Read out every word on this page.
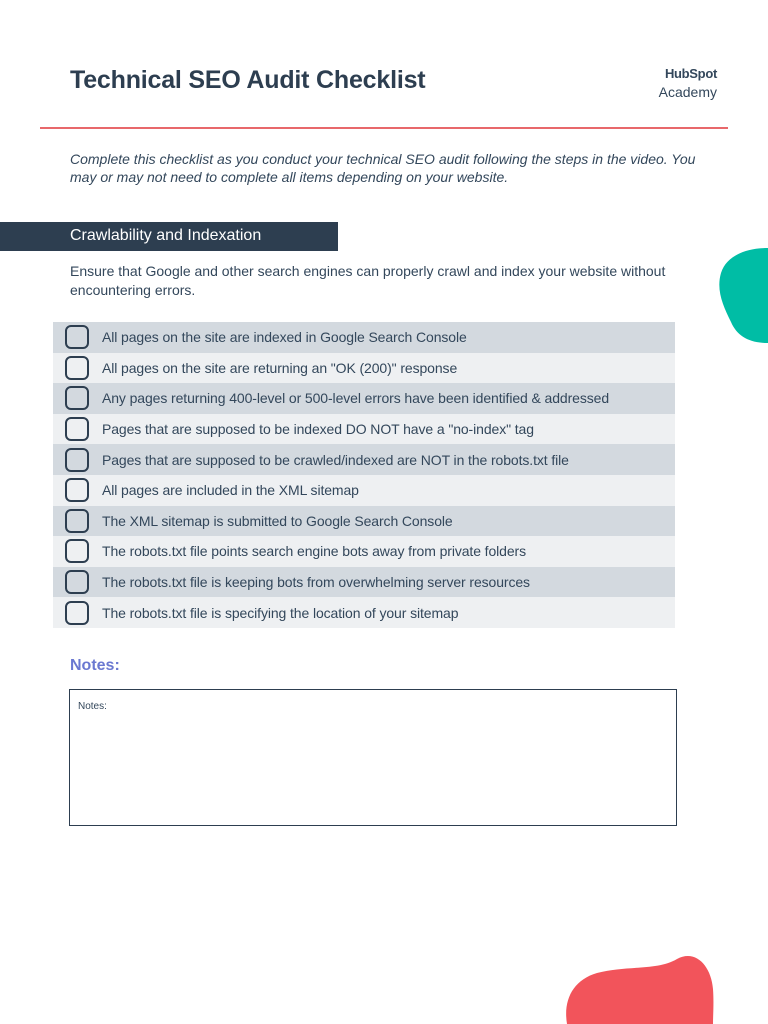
Technical SEO Audit Checklist	HubSpot
Academy

Complete this checklist as you conduct your technical SEO audit following the steps in the video. You may or may not need to complete all items depending on your website.

Crawlability and Indexation

Ensure that Google and other search engines can properly crawl and index your website without encountering errors.

All pages on the site are indexed in Google Search Console
All pages on the site are returning an "OK (200)" response
Any pages returning 400-level or 500-level errors have been identified & addressed
Pages that are supposed to be indexed DO NOT have a "no-index" tag
Pages that are supposed to be crawled/indexed are NOT in the robots.txt file
All pages are included in the XML sitemap
The XML sitemap is submitted to Google Search Console
The robots.txt file points search engine bots away from private folders
The robots.txt file is keeping bots from overwhelming server resources
The robots.txt file is specifying the location of your sitemap
Notes:
Notes:
